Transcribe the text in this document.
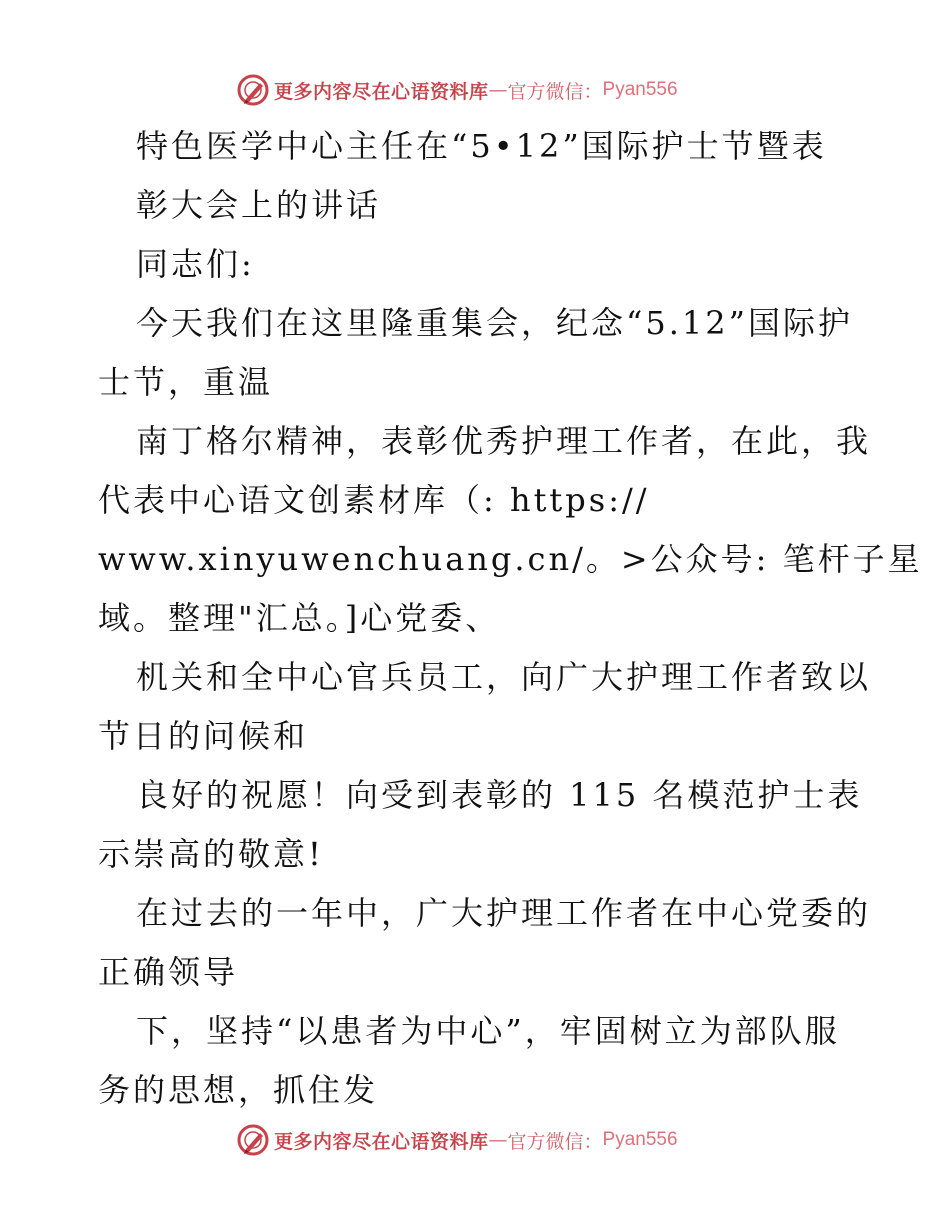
更多内容尽在心语资料库 — 官方微信： Pyan556
特色医学中心主任在“5•12”国际护士节暨表
彰大会上的讲话
同志们:
今天我们在这里隆重集会，纪念“5.12”国际护
士节，重温
南丁格尔精神，表彰优秀护理工作者，在此，我
代表中心语文创素材库（: https://
www.xinyuwenchuang.cn/。>公众号: 笔杆子星
域。整理"汇总。]心党委、
机关和全中心官兵员工，向广大护理工作者致以
节日的问候和
良好的祝愿！向受到表彰的 115 名模范护士表
示崇高的敬意!
在过去的一年中，广大护理工作者在中心党委的
正确领导
下，坚持“以患者为中心”，牢固树立为部队服
务的思想，抓住发
更多内容尽在心语资料库 — 官方微信： Pyan556
